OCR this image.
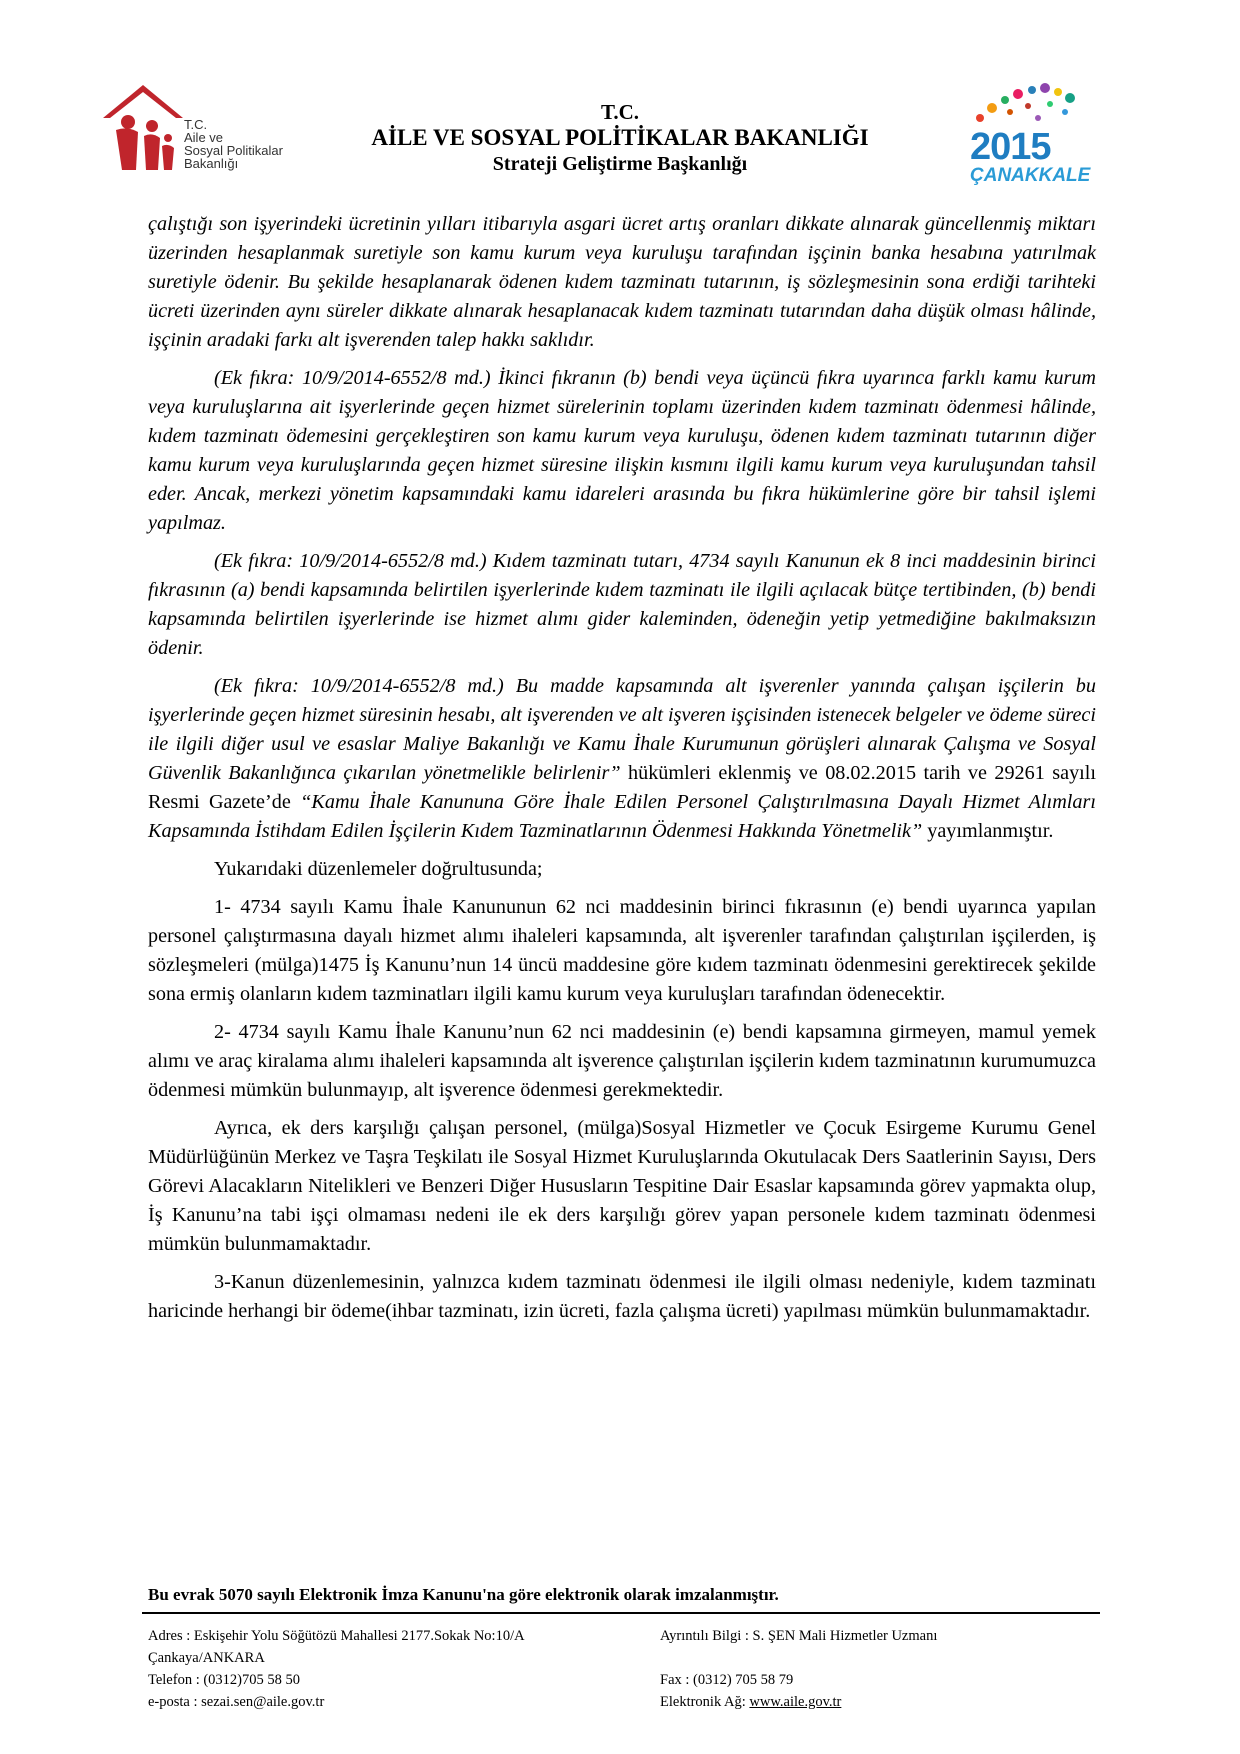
T.C.
Aile ve
Sosyal Politikalar
Bakanlığı
T.C.
AİLE VE SOSYAL POLİTİKALAR BAKANLIĞI
Strateji Geliştirme Başkanlığı	2015
ÇANAKKALE

çalıştığı son işyerindeki ücretinin yılları itibarıyla asgari ücret artış oranları dikkate alınarak güncellenmiş miktarı üzerinden hesaplanmak suretiyle son kamu kurum veya kuruluşu tarafından işçinin banka hesabına yatırılmak suretiyle ödenir. Bu şekilde hesaplanarak ödenen kıdem tazminatı tutarının, iş sözleşmesinin sona erdiği tarihteki ücreti üzerinden aynı süreler dikkate alınarak hesaplanacak kıdem tazminatı tutarından daha düşük olması hâlinde, işçinin aradaki farkı alt işverenden talep hakkı saklıdır.

(Ek fıkra: 10/9/2014-6552/8 md.) İkinci fıkranın (b) bendi veya üçüncü fıkra uyarınca farklı kamu kurum veya kuruluşlarına ait işyerlerinde geçen hizmet sürelerinin toplamı üzerinden kıdem tazminatı ödenmesi hâlinde, kıdem tazminatı ödemesini gerçekleştiren son kamu kurum veya kuruluşu, ödenen kıdem tazminatı tutarının diğer kamu kurum veya kuruluşlarında geçen hizmet süresine ilişkin kısmını ilgili kamu kurum veya kuruluşundan tahsil eder. Ancak, merkezi yönetim kapsamındaki kamu idareleri arasında bu fıkra hükümlerine göre bir tahsil işlemi yapılmaz.

(Ek fıkra: 10/9/2014-6552/8 md.) Kıdem tazminatı tutarı, 4734 sayılı Kanunun ek 8 inci maddesinin birinci fıkrasının (a) bendi kapsamında belirtilen işyerlerinde kıdem tazminatı ile ilgili açılacak bütçe tertibinden, (b) bendi kapsamında belirtilen işyerlerinde ise hizmet alımı gider kaleminden, ödeneğin yetip yetmediğine bakılmaksızın ödenir.

(Ek fıkra: 10/9/2014-6552/8 md.) Bu madde kapsamında alt işverenler yanında çalışan işçilerin bu işyerlerinde geçen hizmet süresinin hesabı, alt işverenden ve alt işveren işçisinden istenecek belgeler ve ödeme süreci ile ilgili diğer usul ve esaslar Maliye Bakanlığı ve Kamu İhale Kurumunun görüşleri alınarak Çalışma ve Sosyal Güvenlik Bakanlığınca çıkarılan yönetmelikle belirlenir” hükümleri eklenmiş ve 08.02.2015 tarih ve 29261 sayılı Resmi Gazete’de “Kamu İhale Kanununa Göre İhale Edilen Personel Çalıştırılmasına Dayalı Hizmet Alımları Kapsamında İstihdam Edilen İşçilerin Kıdem Tazminatlarının Ödenmesi Hakkında Yönetmelik” yayımlanmıştır.

Yukarıdaki düzenlemeler doğrultusunda;

1- 4734 sayılı Kamu İhale Kanununun 62 nci maddesinin birinci fıkrasının (e) bendi uyarınca yapılan personel çalıştırmasına dayalı hizmet alımı ihaleleri kapsamında, alt işverenler tarafından çalıştırılan işçilerden, iş sözleşmeleri (mülga)1475 İş Kanunu’nun 14 üncü maddesine göre kıdem tazminatı ödenmesini gerektirecek şekilde sona ermiş olanların kıdem tazminatları ilgili kamu kurum veya kuruluşları tarafından ödenecektir.

2- 4734 sayılı Kamu İhale Kanunu’nun 62 nci maddesinin (e) bendi kapsamına girmeyen, mamul yemek alımı ve araç kiralama alımı ihaleleri kapsamında alt işverence çalıştırılan işçilerin kıdem tazminatının kurumumuzca ödenmesi mümkün bulunmayıp, alt işverence ödenmesi gerekmektedir.

Ayrıca, ek ders karşılığı çalışan personel, (mülga)Sosyal Hizmetler ve Çocuk Esirgeme Kurumu Genel Müdürlüğünün Merkez ve Taşra Teşkilatı ile Sosyal Hizmet Kuruluşlarında Okutulacak Ders Saatlerinin Sayısı, Ders Görevi Alacakların Nitelikleri ve Benzeri Diğer Hususların Tespitine Dair Esaslar kapsamında görev yapmakta olup, İş Kanunu’na tabi işçi olmaması nedeni ile ek ders karşılığı görev yapan personele kıdem tazminatı ödenmesi mümkün bulunmamaktadır.

3-Kanun düzenlemesinin, yalnızca kıdem tazminatı ödenmesi ile ilgili olması nedeniyle, kıdem tazminatı haricinde herhangi bir ödeme(ihbar tazminatı, izin ücreti, fazla çalışma ücreti) yapılması mümkün bulunmamaktadır.

Bu evrak 5070 sayılı Elektronik İmza Kanunu'na göre elektronik olarak imzalanmıştır.
Adres : Eskişehir Yolu Söğütözü Mahallesi 2177.Sokak No:10/A
Çankaya/ANKARA
Telefon : (0312)705 58 50
e-posta : sezai.sen@aile.gov.tr
Ayrıntılı Bilgi : S. ŞEN Mali Hizmetler Uzmanı
Fax : (0312) 705 58 79
Elektronik Ağ: www.aile.gov.tr
